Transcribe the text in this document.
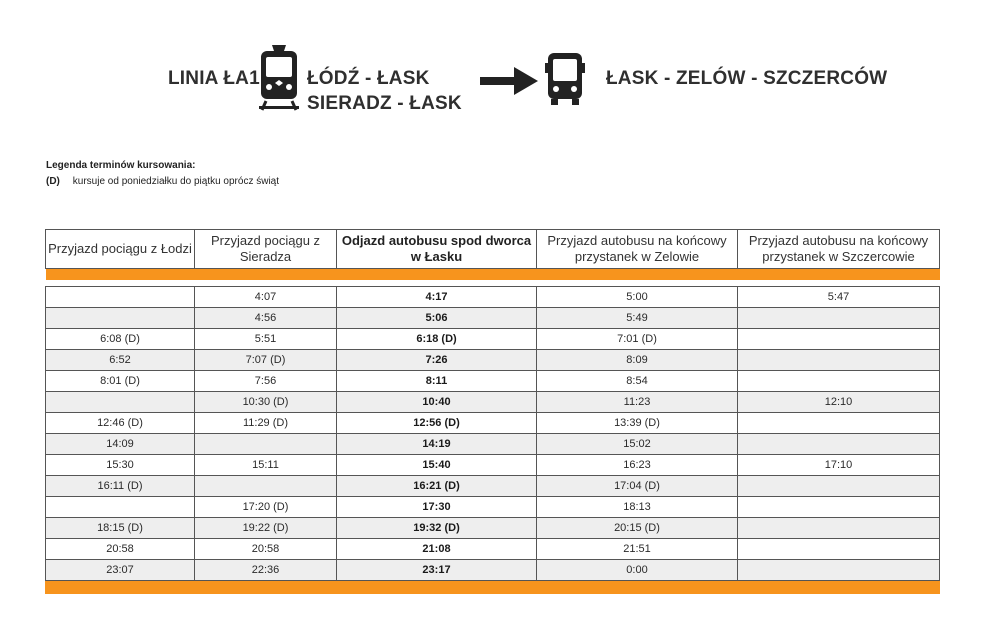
LINIA ŁA1 ŁÓDŹ - ŁASK
SIERADZ - ŁASK
ŁASK - ZELÓW - SZCZERCÓW
Legenda terminów kursowania:
(D) kursuje od poniedziałku do piątku oprócz świąt
Przyjazd pociągu z Łodzi	Przyjazd pociągu z Sieradza	Odjazd autobusu spod dworca w Łasku	Przyjazd autobusu na końcowy przystanek w Zelowie	Przyjazd autobusu na końcowy przystanek w Szczercowie

	4:07	4:17	5:00	5:47
	4:56	5:06	5:49	
6:08 (D)	5:51	6:18 (D)	7:01 (D)	
6:52	7:07 (D)	7:26	8:09	
8:01 (D)	7:56	8:11	8:54	
	10:30 (D)	10:40	11:23	12:10
12:46 (D)	11:29 (D)	12:56 (D)	13:39 (D)	
14:09		14:19	15:02	
15:30	15:11	15:40	16:23	17:10
16:11 (D)		16:21 (D)	17:04 (D)	
	17:20 (D)	17:30	18:13	
18:15 (D)	19:22 (D)	19:32 (D)	20:15 (D)	
20:58	20:58	21:08	21:51	
23:07	22:36	23:17	0:00	
